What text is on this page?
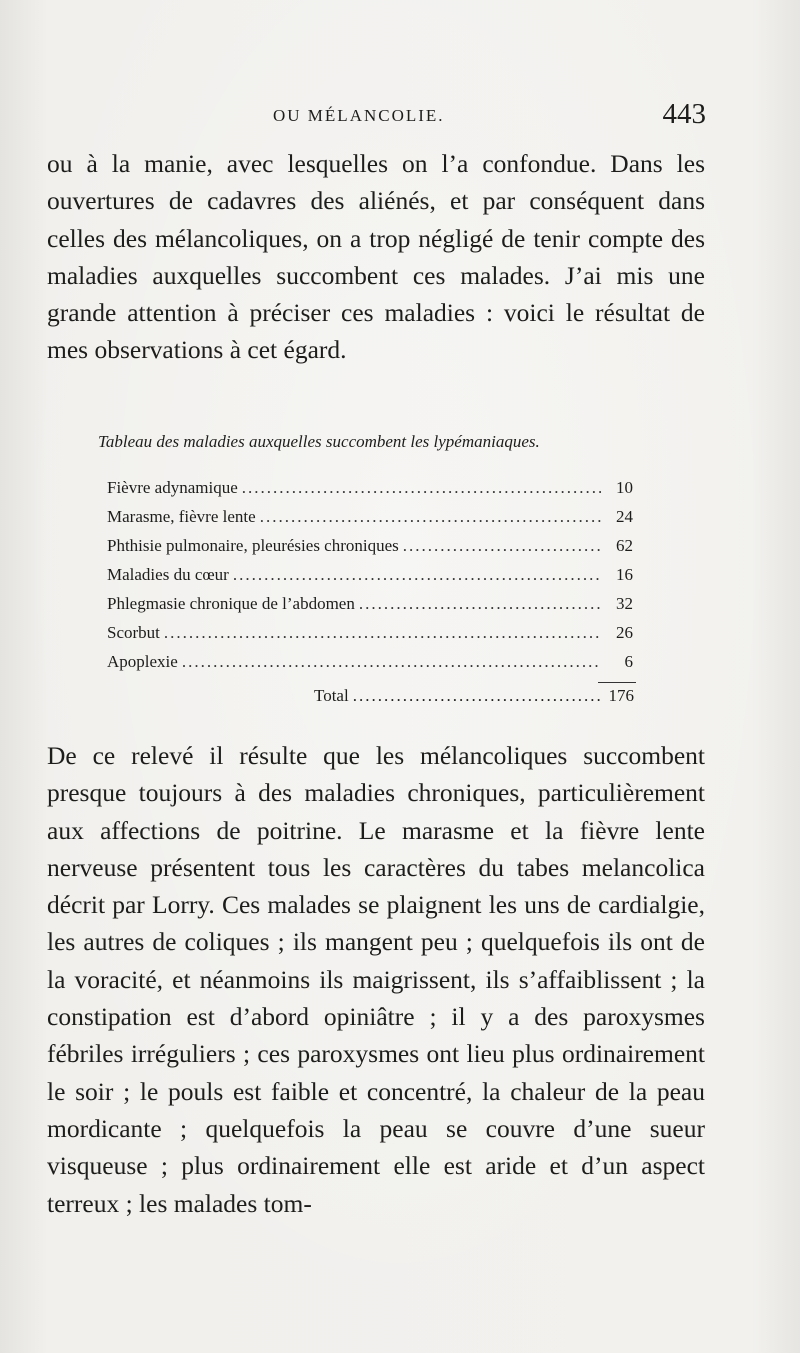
OU MÉLANCOLIE.	443

ou à la manie, avec lesquelles on l’a confondue. Dans les ouvertures de cadavres des aliénés, et par conséquent dans celles des mélancoliques, on a trop négligé de tenir compte des maladies auxquelles succombent ces malades. J’ai mis une grande attention à préciser ces maladies : voici le résultat de mes observations à cet égard.

Tableau des maladies auxquelles succombent les lypémaniaques.
Fièvre adynamique .....	10
Marasme, fièvre lente .....	24
Phthisie pulmonaire, pleurésies chroniques .....	62
Maladies du cœur .....	16
Phlegmasie chronique de l’abdomen .....	32
Scorbut .....	26
Apoplexie .....	6
Total .....	176

De ce relevé il résulte que les mélancoliques succombent presque toujours à des maladies chroniques, particulièrement aux affections de poitrine. Le marasme et la fièvre lente nerveuse présentent tous les caractères du tabes melancolica décrit par Lorry. Ces malades se plaignent les uns de cardialgie, les autres de coliques ; ils mangent peu ; quelquefois ils ont de la voracité, et néanmoins ils maigrissent, ils s’affaiblissent ; la constipation est d’abord opiniâtre ; il y a des paroxysmes fébriles irréguliers ; ces paroxysmes ont lieu plus ordinairement le soir ; le pouls est faible et concentré, la chaleur de la peau mordicante ; quelquefois la peau se couvre d’une sueur visqueuse ; plus ordinairement elle est aride et d’un aspect terreux ; les malades tom-
